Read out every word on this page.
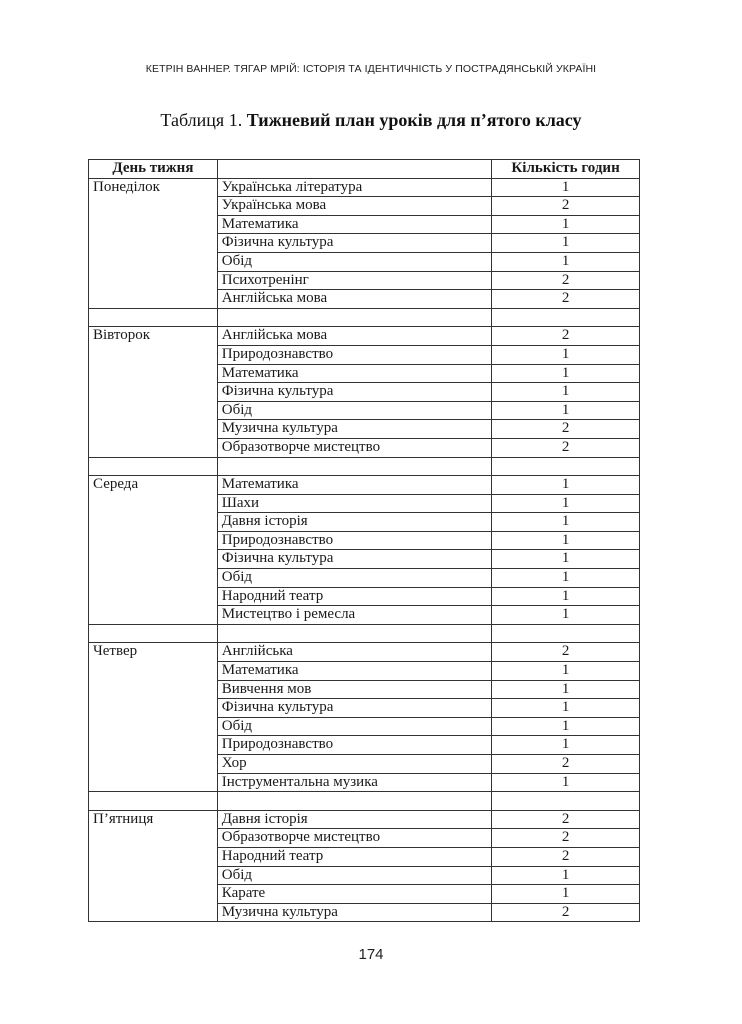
КЕТРІН ВАННЕР. ТЯГАР МРІЙ: ІСТОРІЯ ТА ІДЕНТИЧНІСТЬ У ПОСТРАДЯНСЬКІЙ УКРАЇНІ
Таблиця 1. Тижневий план уроків для п’ятого класу
День тижня		Кількість годин
Понеділок	Українська література	1
	Українська мова	2
	Математика	1
	Фізична культура	1
	Обід	1
	Психотренінг	2
	Англійська мова	2

Вівторок	Англійська мова	2
	Природознавство	1
	Математика	1
	Фізична культура	1
	Обід	1
	Музична культура	2
	Образотворче мистецтво	2

Середа	Математика	1
	Шахи	1
	Давня історія	1
	Природознавство	1
	Фізична культура	1
	Обід	1
	Народний театр	1
	Мистецтво і ремесла	1

Четвер	Англійська	2
	Математика	1
	Вивчення мов	1
	Фізична культура	1
	Обід	1
	Природознавство	1
	Хор	2
	Інструментальна музика	1

П’ятниця	Давня історія	2
	Образотворче мистецтво	2
	Народний театр	2
	Обід	1
	Карате	1
	Музична культура	2
174
